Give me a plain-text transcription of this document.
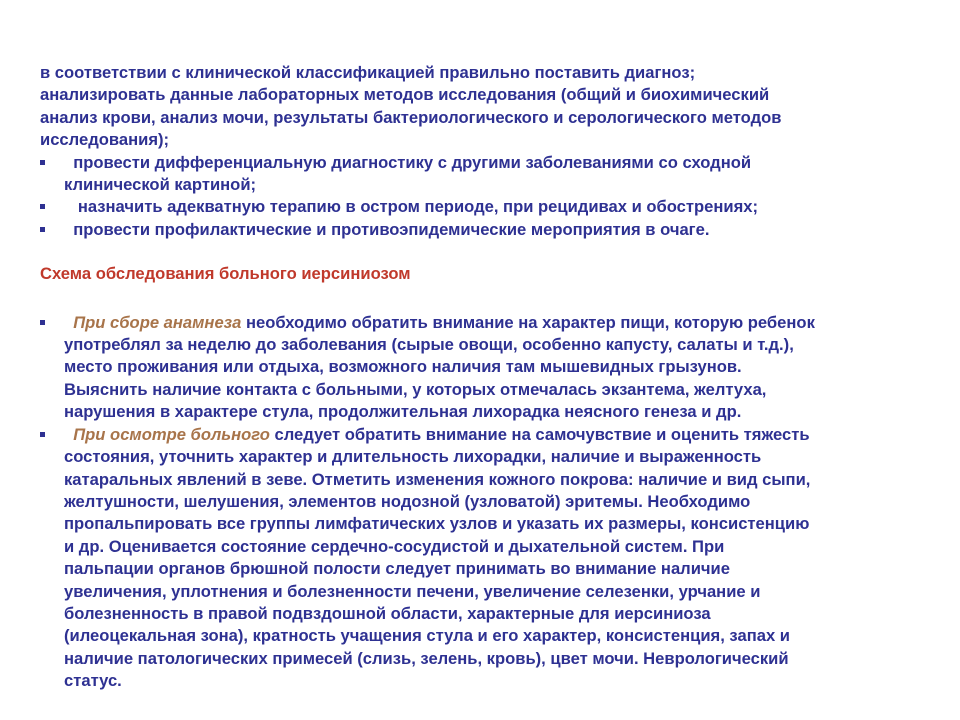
в соответствии с клинической классификацией правильно поставить диагноз;
анализировать данные лабораторных методов исследования (общий и биохимический
анализ крови, анализ мочи, результаты бактериологического и серологического методов
исследования);
провести дифференциальную диагностику с другими заболеваниями со сходной
клинической картиной;
назначить адекватную терапию в остром периоде, при рецидивах и обострениях;
провести профилактические и противоэпидемические мероприятия в очаге.
Схема обследования больного иерсиниозом
При сборе анамнеза необходимо обратить внимание на характер пищи, которую ребенок
употреблял за неделю до заболевания (сырые овощи, особенно капусту, салаты и т.д.),
место проживания или отдыха, возможного наличия там мышевидных грызунов.
Выяснить наличие контакта с больными, у которых отмечалась экзантема, желтуха,
нарушения в характере стула, продолжительная лихорадка неясного генеза и др.
При осмотре больного следует обратить внимание на самочувствие и оценить тяжесть
состояния, уточнить характер и длительность лихорадки, наличие и выраженность
катаральных явлений в зеве. Отметить изменения кожного покрова: наличие и вид сыпи,
желтушности, шелушения, элементов нодозной (узловатой) эритемы. Необходимо
пропальпировать все группы лимфатических узлов и указать их размеры, консистенцию
и др. Оценивается состояние сердечно-сосудистой и дыхательной систем. При
пальпации органов брюшной полости следует принимать во внимание наличие
увеличения, уплотнения и болезненности печени, увеличение селезенки, урчание и
болезненность в правой подвздошной области, характерные для иерсиниоза
(илеоцекальная зона), кратность учащения стула и его характер, консистенция, запах и
наличие патологических примесей (слизь, зелень, кровь), цвет мочи. Неврологический
статус.
